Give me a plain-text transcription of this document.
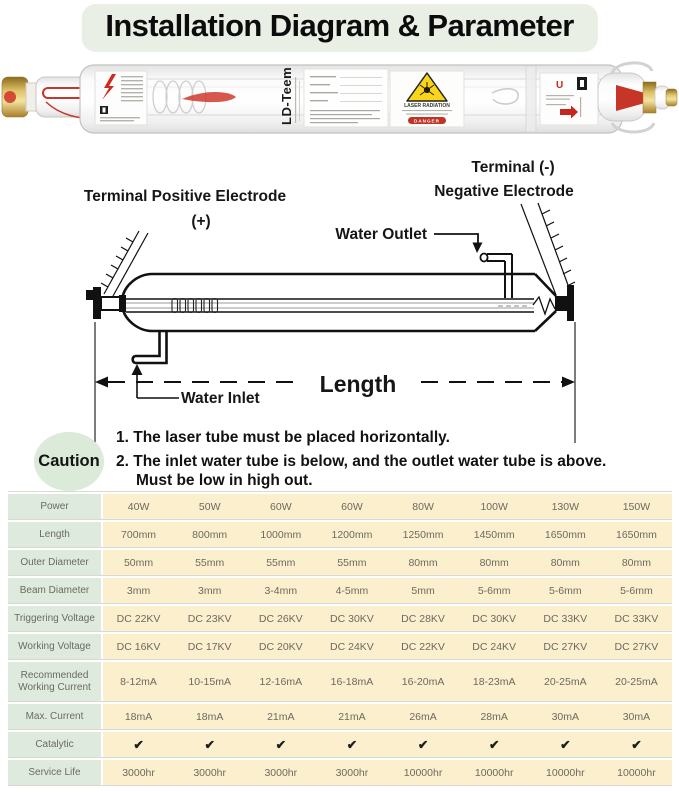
Installation Diagram & Parameter
LD-Teem	LASER RADIATION
DANGER
U
Terminal Positive Electrode
(+)
Terminal (-)
Negative Electrode
Water Outlet
Water Inlet
Length
Caution
1. The laser tube must be placed horizontally.
2. The inlet water tube is below, and the outlet water tube is above. Must be low in high out.
Power	40W	50W	60W	60W	80W	100W	130W	150W
Length	700mm	800mm	1000mm	1200mm	1250mm	1450mm	1650mm	1650mm
Outer Diameter	50mm	55mm	55mm	55mm	80mm	80mm	80mm	80mm
Beam Diameter	3mm	3mm	3-4mm	4-5mm	5mm	5-6mm	5-6mm	5-6mm
Triggering Voltage	DC 22KV	DC 23KV	DC 26KV	DC 30KV	DC 28KV	DC 30KV	DC 33KV	DC 33KV
Working Voltage	DC 16KV	DC 17KV	DC 20KV	DC 24KV	DC 22KV	DC 24KV	DC 27KV	DC 27KV
Recommended Working Current	8-12mA	10-15mA	12-16mA	16-18mA	16-20mA	18-23mA	20-25mA	20-25mA
Max. Current	18mA	18mA	21mA	21mA	26mA	28mA	30mA	30mA
Catalytic	✔	✔	✔	✔	✔	✔	✔	✔
Service Life	3000hr	3000hr	3000hr	3000hr	10000hr	10000hr	10000hr	10000hr
